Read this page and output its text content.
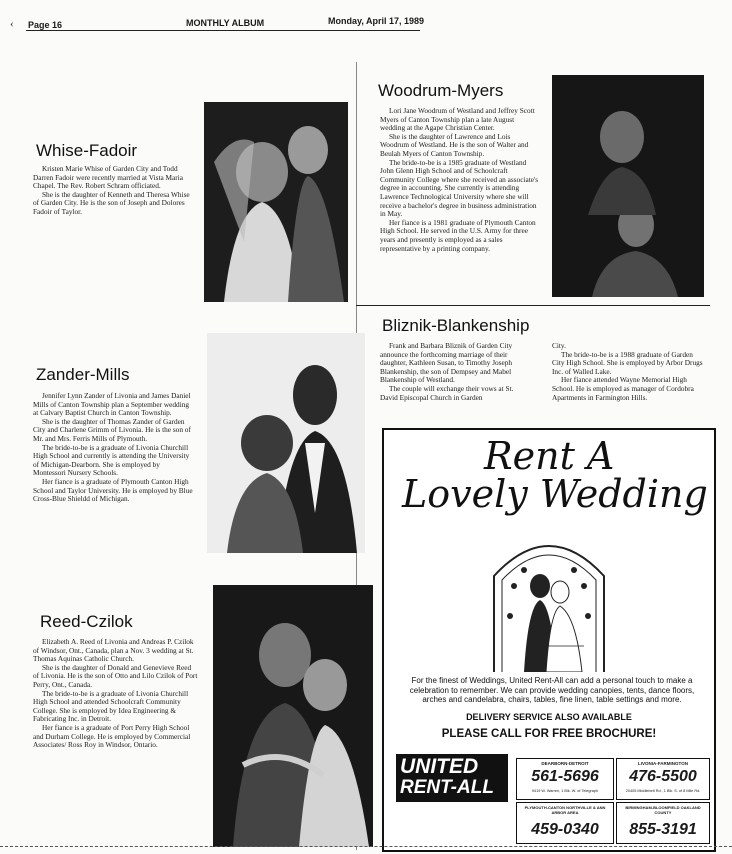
Page 16	MONTHLY ALBUM	Monday, April 17, 1989
‹
Whise-Fadoir

Kristen Marie Whise of Garden City and Todd Darren Fadoir were recently married at Vista Maria Chapel. The Rev. Robert Schram officiated.

She is the daughter of Kenneth and Theresa Whise of Garden City. He is the son of Joseph and Dolores Fadoir of Taylor.

Woodrum-Myers

Lori Jane Woodrum of Westland and Jeffrey Scott Myers of Canton Township plan a late August wedding at the Agape Christian Center.

She is the daughter of Lawrence and Lois Woodrum of Westland. He is the son of Walter and Beulah Myers of Canton Township.

The bride-to-be is a 1985 graduate of Westland John Glenn High School and of Schoolcraft Community College where she received an associate's degree in accounting. She currently is attending Lawrence Technological University where she will receive a bachelor's degree in business administration in May.

Her fiance is a 1981 graduate of Plymouth Canton High School. He served in the U.S. Army for three years and presently is employed as a sales representative by a printing company.

Bliznik-Blankenship

Frank and Barbara Bliznik of Garden City announce the forthcoming marriage of their daughter, Kathleen Susan, to Timothy Joseph Blankenship, the son of Dempsey and Mabel Blankenship of Westland.

The couple will exchange their vows at St. David Episcopal Church in Garden

City.

The bride-to-be is a 1988 graduate of Garden City High School. She is employed by Arbor Drugs Inc. of Walled Lake.

Her fiance attended Wayne Memorial High School. He is employed as manager of Cordobra Apartments in Farmington Hills.

Zander-Mills

Jennifer Lynn Zander of Livonia and James Daniel Mills of Canton Township plan a September wedding at Calvary Baptist Church in Canton Township.

She is the daughter of Thomas Zander of Garden City and Charlene Grimm of Livonia. He is the son of Mr. and Mrs. Ferris Mills of Plymouth.

The bride-to-be is a graduate of Livonia Churchill High School and currently is attending the University of Michigan-Dearborn. She is employed by Montessori Nursery Schools.

Her fiance is a graduate of Plymouth Canton High School and Taylor University. He is employed by Blue Cross-Blue Shieldd of Michigan.

Reed-Czilok

Elizabeth A. Reed of Livonia and Andreas P. Czilok of Windsor, Ont., Canada, plan a Nov. 3 wedding at St. Thomas Aquinas Catholic Church.

She is the daughter of Donald and Genevieve Reed of Livonia. He is the son of Otto and Lilo Czilok of Port Perry, Ont., Canada.

The bride-to-be is a graduate of Livonia Churchill High School and attended Schoolcraft Community College. She is employed by Idea Engineering & Fabricating Inc. in Detroit.

Her fiance is a graduate of Port Perry High School and Durham College. He is employed by Commercial Associates/ Ross Roy in Windsor, Ontario.

Rent A
Lovely Wedding
For the finest of Weddings, United Rent-All can add a personal touch to make a celebration to remember. We can provide wedding canopies, tents, dance floors, arches and candelabra, chairs, tables, fine linen, table settings and more.
DELIVERY SERVICE ALSO AVAILABLE
PLEASE CALL FOR FREE BROCHURE!
UNITED
RENT-ALL
DEARBORN-DETROIT
561-5696
9419 W. Warren, 1 Blk. W. of Telegraph
LIVONIA-FARMINGTON
476-5500
20405 Middlebelt Rd., 1 Blk. S. of 8 Mile Rd.
PLYMOUTH-CANTON NORTHVILLE & ANN ARBOR AREA
459-0340
BIRMINGHAM-BLOOMFIELD OAKLAND COUNTY
855-3191
